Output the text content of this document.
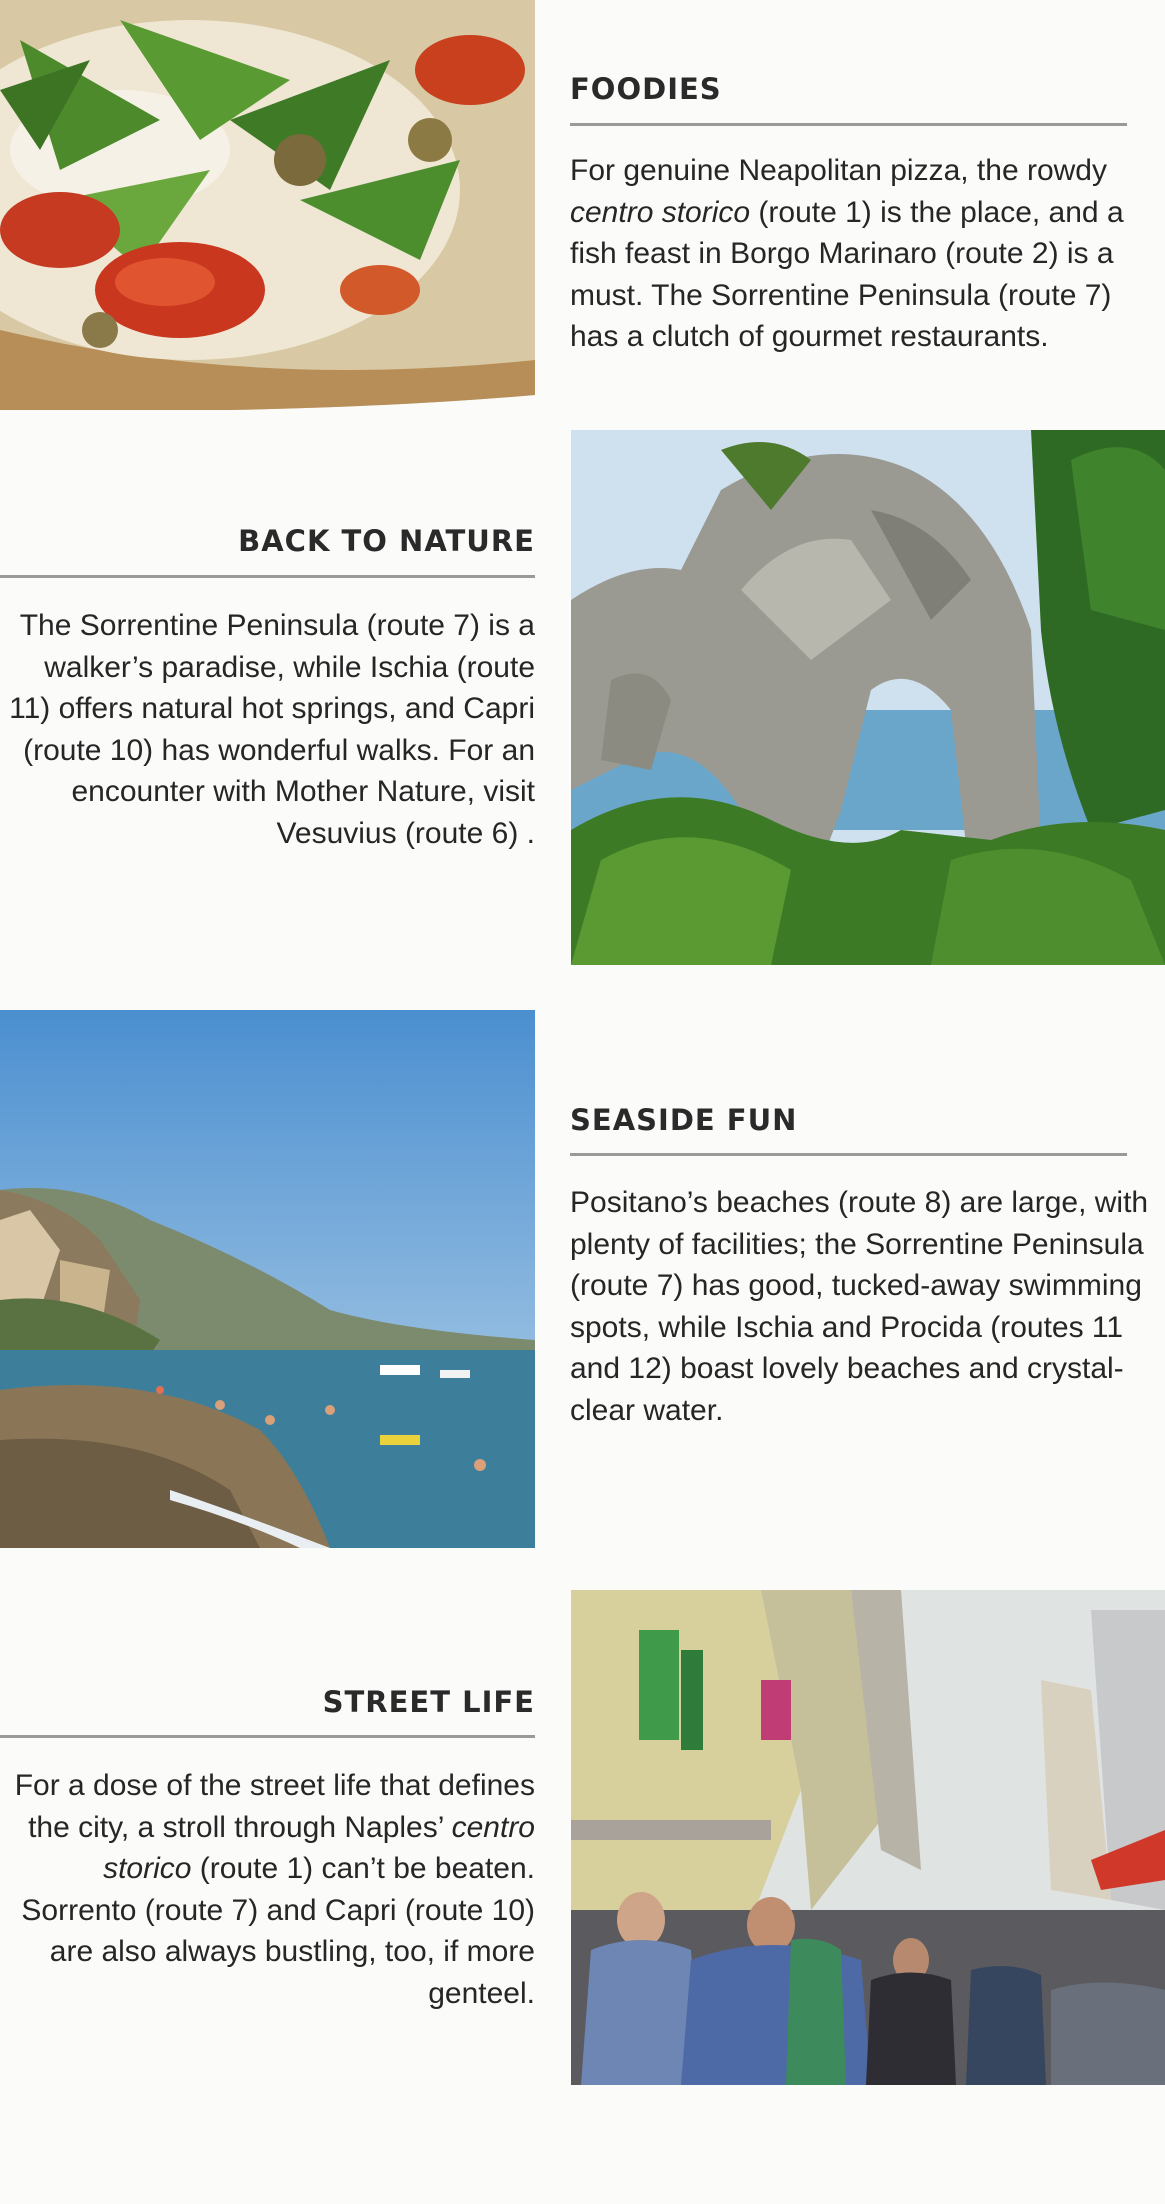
FOODIES

For genuine Neapolitan pizza, the rowdy centro storico (route 1) is the place, and a fish feast in Borgo Marinaro (route 2) is a must. The Sorrentine Peninsula (route 7) has a clutch of gourmet restaurants.

BACK TO NATURE

The Sorrentine Peninsula (route 7) is a walker’s paradise, while Ischia (route 11) offers natural hot springs, and Capri (route 10) has wonderful walks. For an encounter with Mother Nature, visit Vesuvius (route 6) .

SEASIDE FUN

Positano’s beaches (route 8) are large, with plenty of facilities; the Sorrentine Peninsula (route 7) has good, tucked-away swimming spots, while Ischia and Procida (routes 11 and 12) boast lovely beaches and crystal-clear water.

STREET LIFE

For a dose of the street life that defines the city, a stroll through Naples’ centro storico (route 1) can’t be beaten. Sorrento (route 7) and Capri (route 10) are also always bustling, too, if more genteel.
